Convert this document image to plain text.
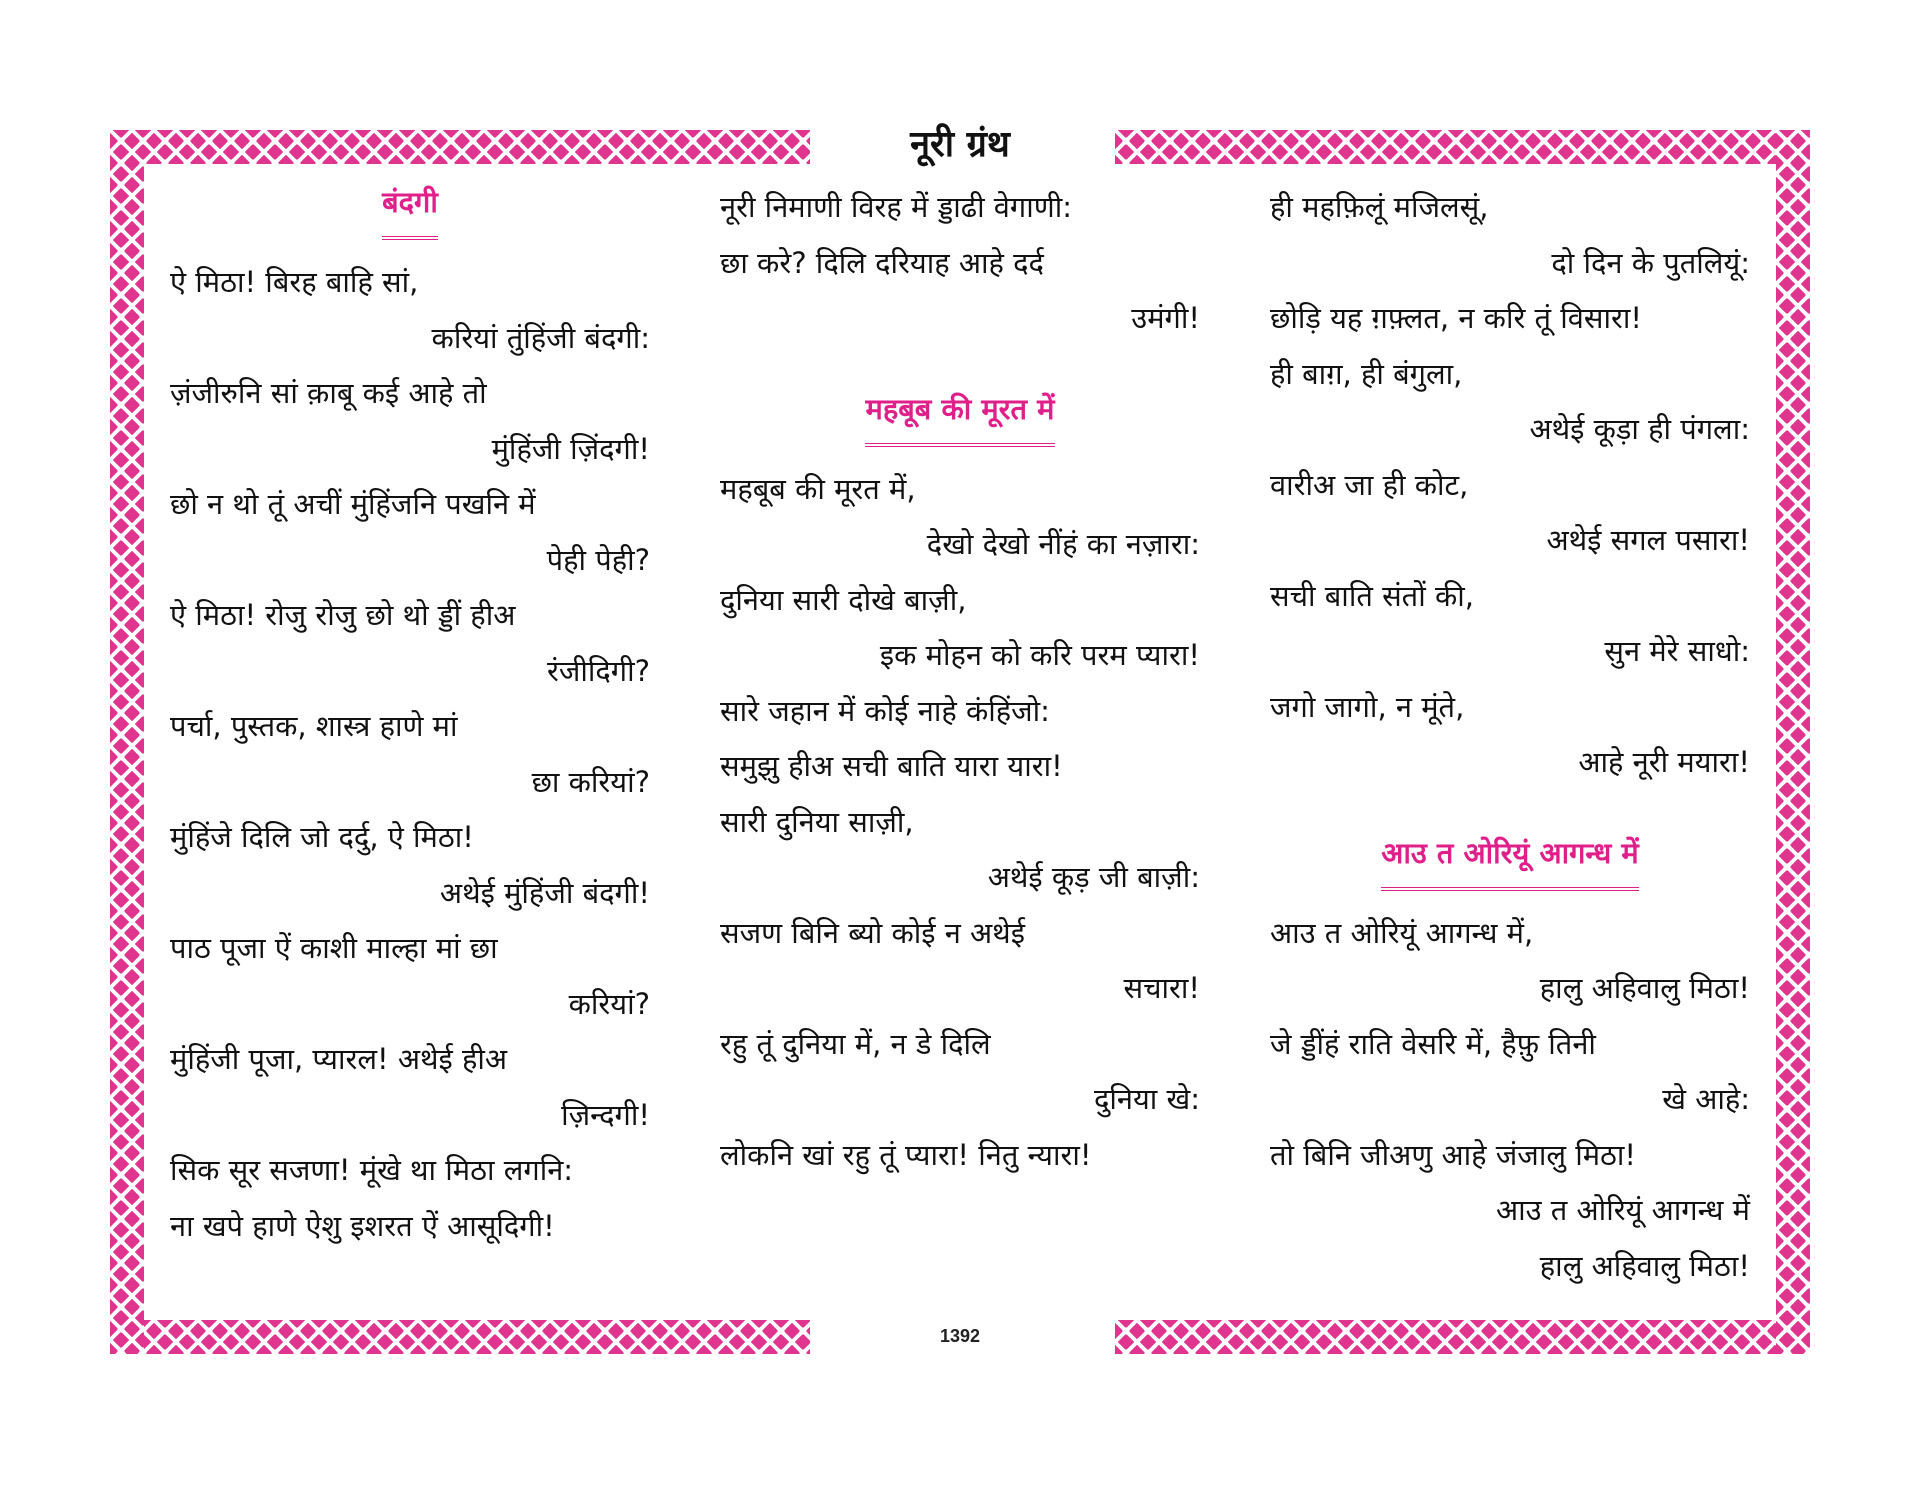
नूरी ग्रंथ
बंदगी
ऐ मिठा! बिरह बाहि सां,
करियां तुंहिंजी बंदगी:
ज़ंजीरुनि सां क़ाबू कई आहे तो
मुंहिंजी ज़िंदगी!
छो न थो तूं अचीं मुंहिंजनि पखनि में
पेही पेही?
ऐ मिठा! रोजु रोजु छो थो ड्डीं हीअ
रंजीदिगी?
पर्चा, पुस्तक, शास्त्र हाणे मां
छा करियां?
मुंहिंजे दिलि जो दर्दु, ऐ मिठा!
अथेई मुंहिंजी बंदगी!
पाठ पूजा ऐं काशी माल्हा मां छा
करियां?
मुंहिंजी पूजा, प्यारल! अथेई हीअ
ज़िन्दगी!
सिक सूर सजणा! मूंखे था मिठा लगनि:
ना खपे हाणे ऐशु इशरत ऐं आसूदिगी!
नूरी निमाणी विरह में ड्डाढी वेगाणी:
छा करे? दिलि दरियाह आहे दर्द
उमंगी!
महबूब की मूरत में
महबूब की मूरत में,
देखो देखो नींहं का नज़ारा:
दुनिया सारी दोखे बाज़ी,
इक मोहन को करि परम प्यारा!
सारे जहान में कोई नाहे कंहिंजो:
समुझु हीअ सची बाति यारा यारा!
सारी दुनिया साज़ी,
अथेई कूड़ जी बाज़ी:
सजण बिनि ब्यो कोई न अथेई
सचारा!
रहु तूं दुनिया में, न डे दिलि
दुनिया खे:
लोकनि खां रहु तूं प्यारा! नितु न्यारा!
ही महफ़िलूं मजिलसूं,
दो दिन के पुतलियूं:
छोड़ि यह ग़फ़्लत, न करि तूं विसारा!
ही बाग़, ही बंगुला,
अथेई कूड़ा ही पंगला:
वारीअ जा ही कोट,
अथेई सगल पसारा!
सची बाति संतों की,
सुन मेरे साधो:
जगो जागो, न मूंते,
आहे नूरी मयारा!
आउ त ओरियूं आगन्ध में
आउ त ओरियूं आगन्ध में,
हालु अहिवालु मिठा!
जे ड्डींहं राति वेसरि में, हैफ़ु तिनी
खे आहे:
तो बिनि जीअणु आहे जंजालु मिठा!
आउ त ओरियूं आगन्ध में
हालु अहिवालु मिठा!
1392
